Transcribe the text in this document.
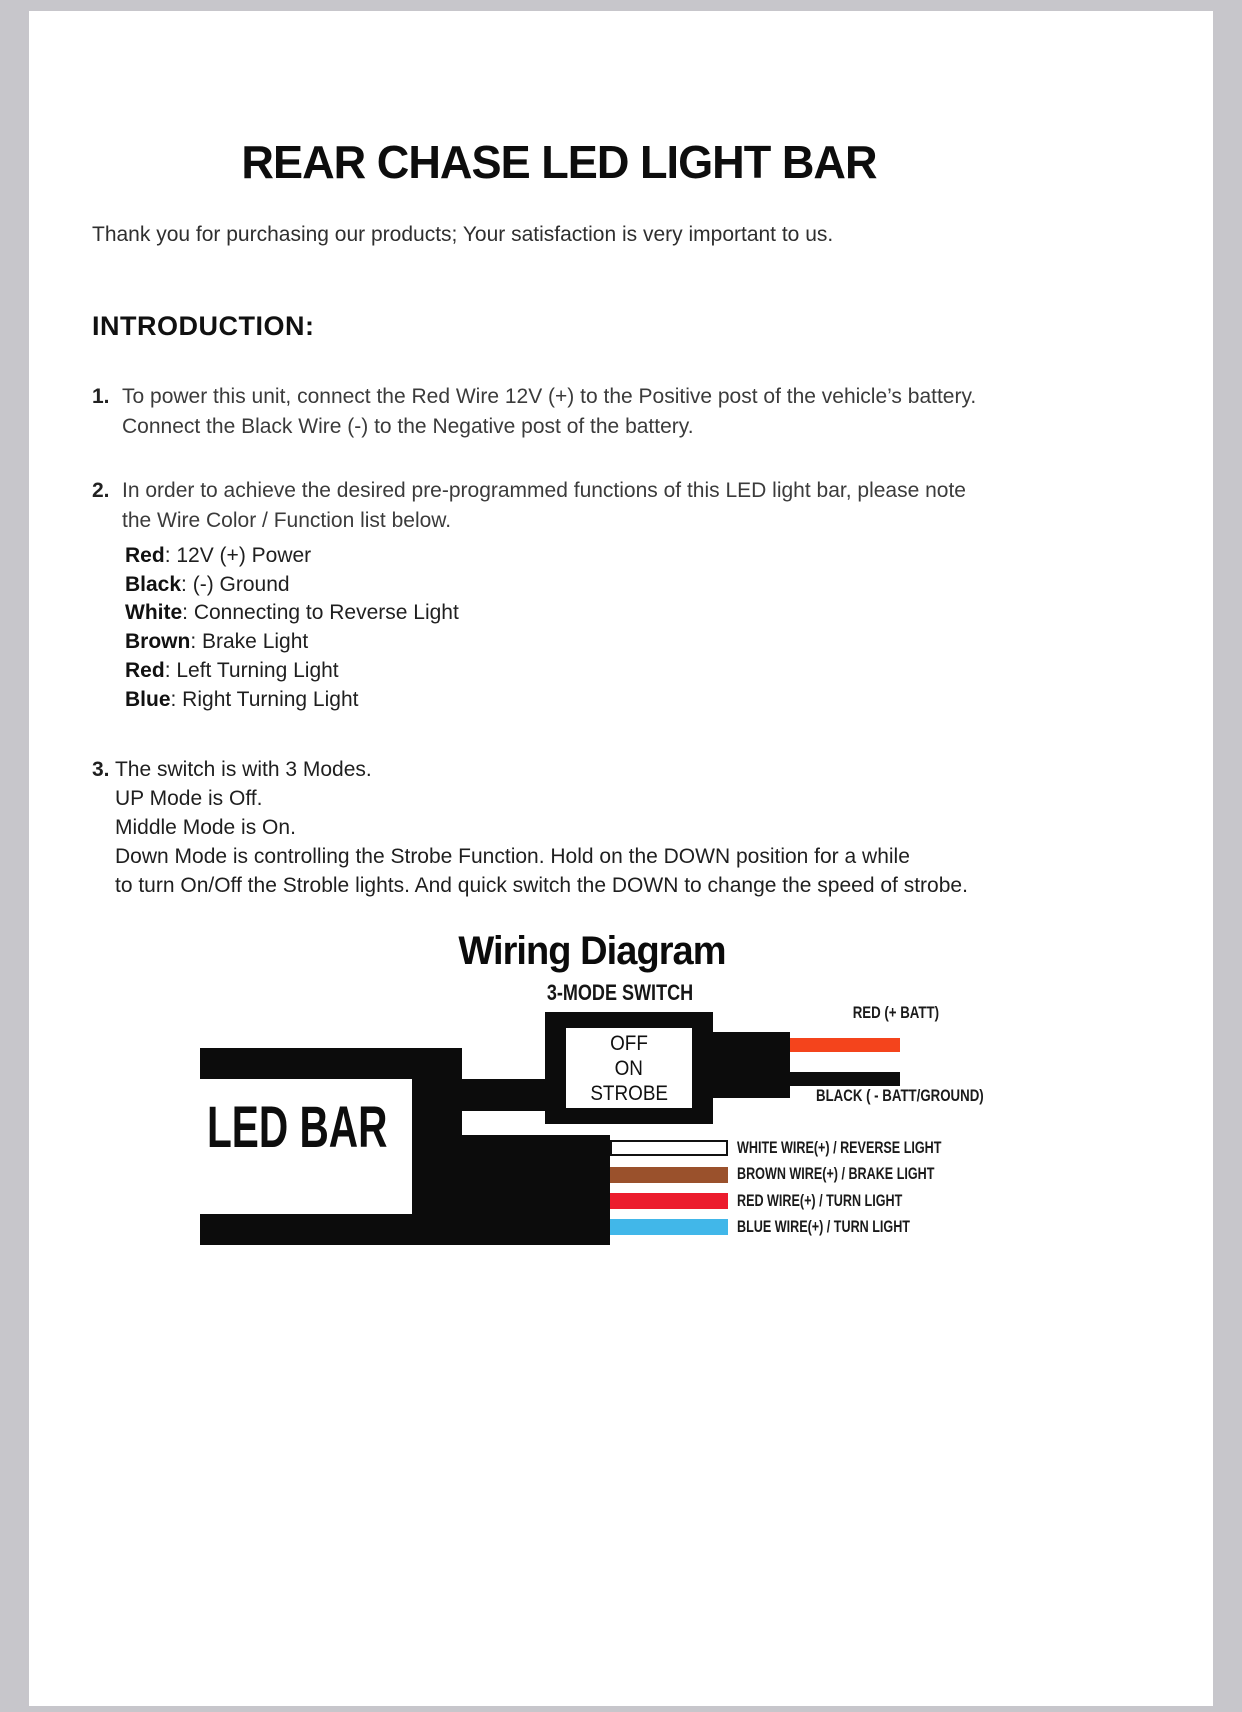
REAR CHASE LED LIGHT BAR
Thank you for purchasing our products; Your satisfaction is very important to us.
INTRODUCTION:
1. To power this unit, connect the Red Wire 12V (+) to the Positive post of the vehicle’s battery.
Connect the Black Wire (-) to the Negative post of the battery.
2. In order to achieve the desired pre-programmed functions of this LED light bar, please note
the Wire Color / Function list below.
Red: 12V (+) Power
Black: (-) Ground
White: Connecting to Reverse Light
Brown: Brake Light
Red: Left Turning Light
Blue: Right Turning Light
3. The switch is with 3 Modes.
UP Mode is Off.
Middle Mode is On.
Down Mode is controlling the Strobe Function. Hold on the DOWN position for a while
to turn On/Off the Stroble lights. And quick switch the DOWN to change the speed of strobe.
Wiring Diagram
3-MODE SWITCH
LED BAR
OFF
ON
STROBE
RED (+ BATT)
BLACK ( - BATT/GROUND)
WHITE WIRE(+) / REVERSE LIGHT
BROWN WIRE(+) / BRAKE LIGHT
RED WIRE(+) / TURN LIGHT
BLUE WIRE(+) / TURN LIGHT
